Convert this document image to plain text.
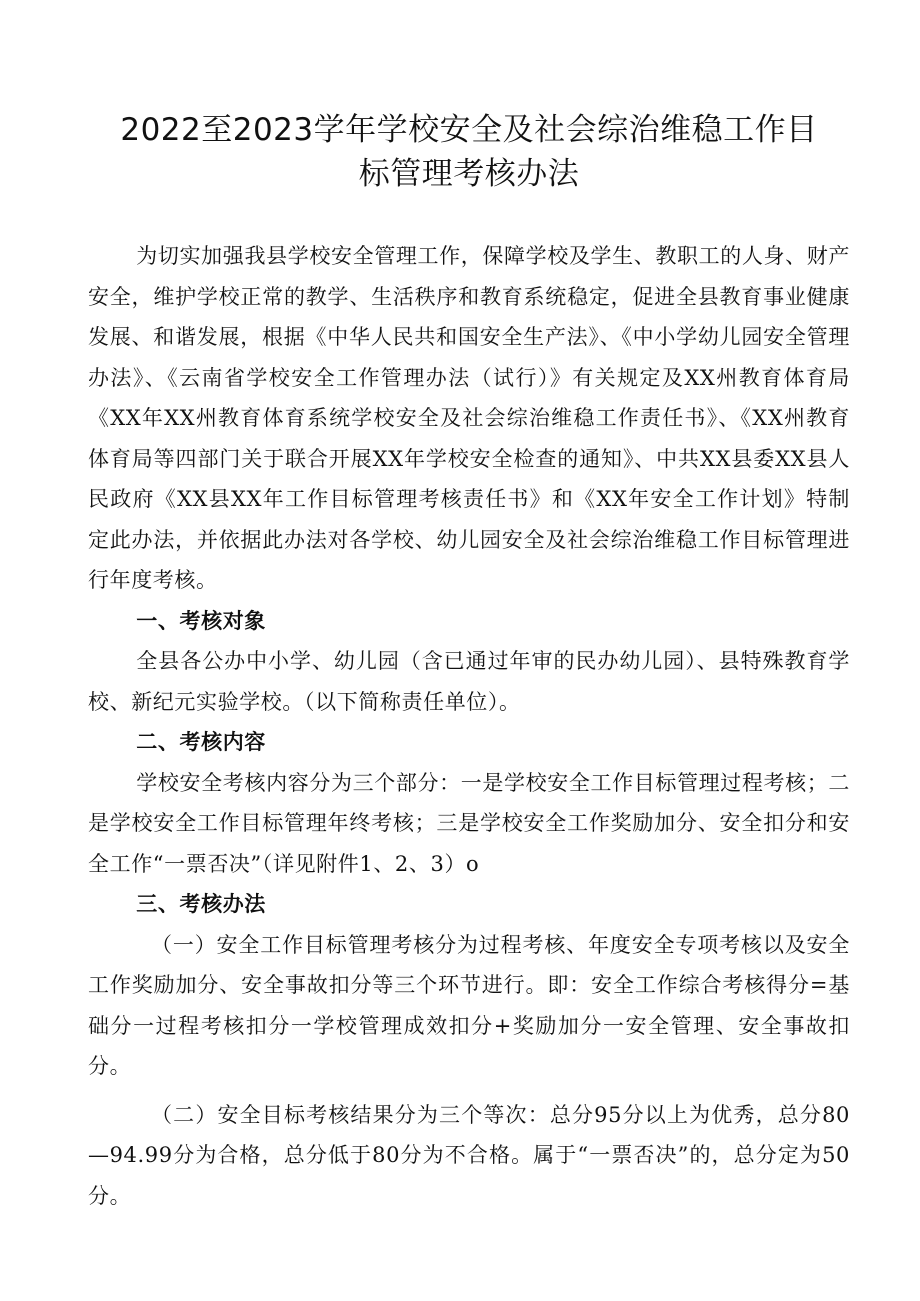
2022至2023学年学校安全及社会综治维稳工作目
标管理考核办法

为切实加强我县学校安全管理工作，保障学校及学生、教职工的人身、财产安全，维护学校正常的教学、生活秩序和教育系统稳定，促进全县教育事业健康发展、和谐发展，根据《中华人民共和国安全生产法》、《中小学幼儿园安全管理办法》、《云南省学校安全工作管理办法（试行）》有关规定及XX州教育体育局《XX年XX州教育体育系统学校安全及社会综治维稳工作责任书》、《XX州教育体育局等四部门关于联合开展XX年学校安全检查的通知》、中共XX县委XX县人民政府《XX县XX年工作目标管理考核责任书》和《XX年安全工作计划》特制定此办法，并依据此办法对各学校、幼儿园安全及社会综治维稳工作目标管理进行年度考核。

一、考核对象

全县各公办中小学、幼儿园（含已通过年审的民办幼儿园）、县特殊教育学校、新纪元实验学校。（以下简称责任单位）。

二、考核内容

学校安全考核内容分为三个部分：一是学校安全工作目标管理过程考核；二是学校安全工作目标管理年终考核；三是学校安全工作奖励加分、安全扣分和安全工作“一票否决”（详见附件1、2、3）o

三、考核办法

（一）安全工作目标管理考核分为过程考核、年度安全专项考核以及安全工作奖励加分、安全事故扣分等三个环节进行。即：安全工作综合考核得分=基础分一过程考核扣分一学校管理成效扣分+奖励加分一安全管理、安全事故扣分。

（二）安全目标考核结果分为三个等次：总分95分以上为优秀，总分80—94.99分为合格，总分低于80分为不合格。属于“一票否决”的，总分定为50分。
